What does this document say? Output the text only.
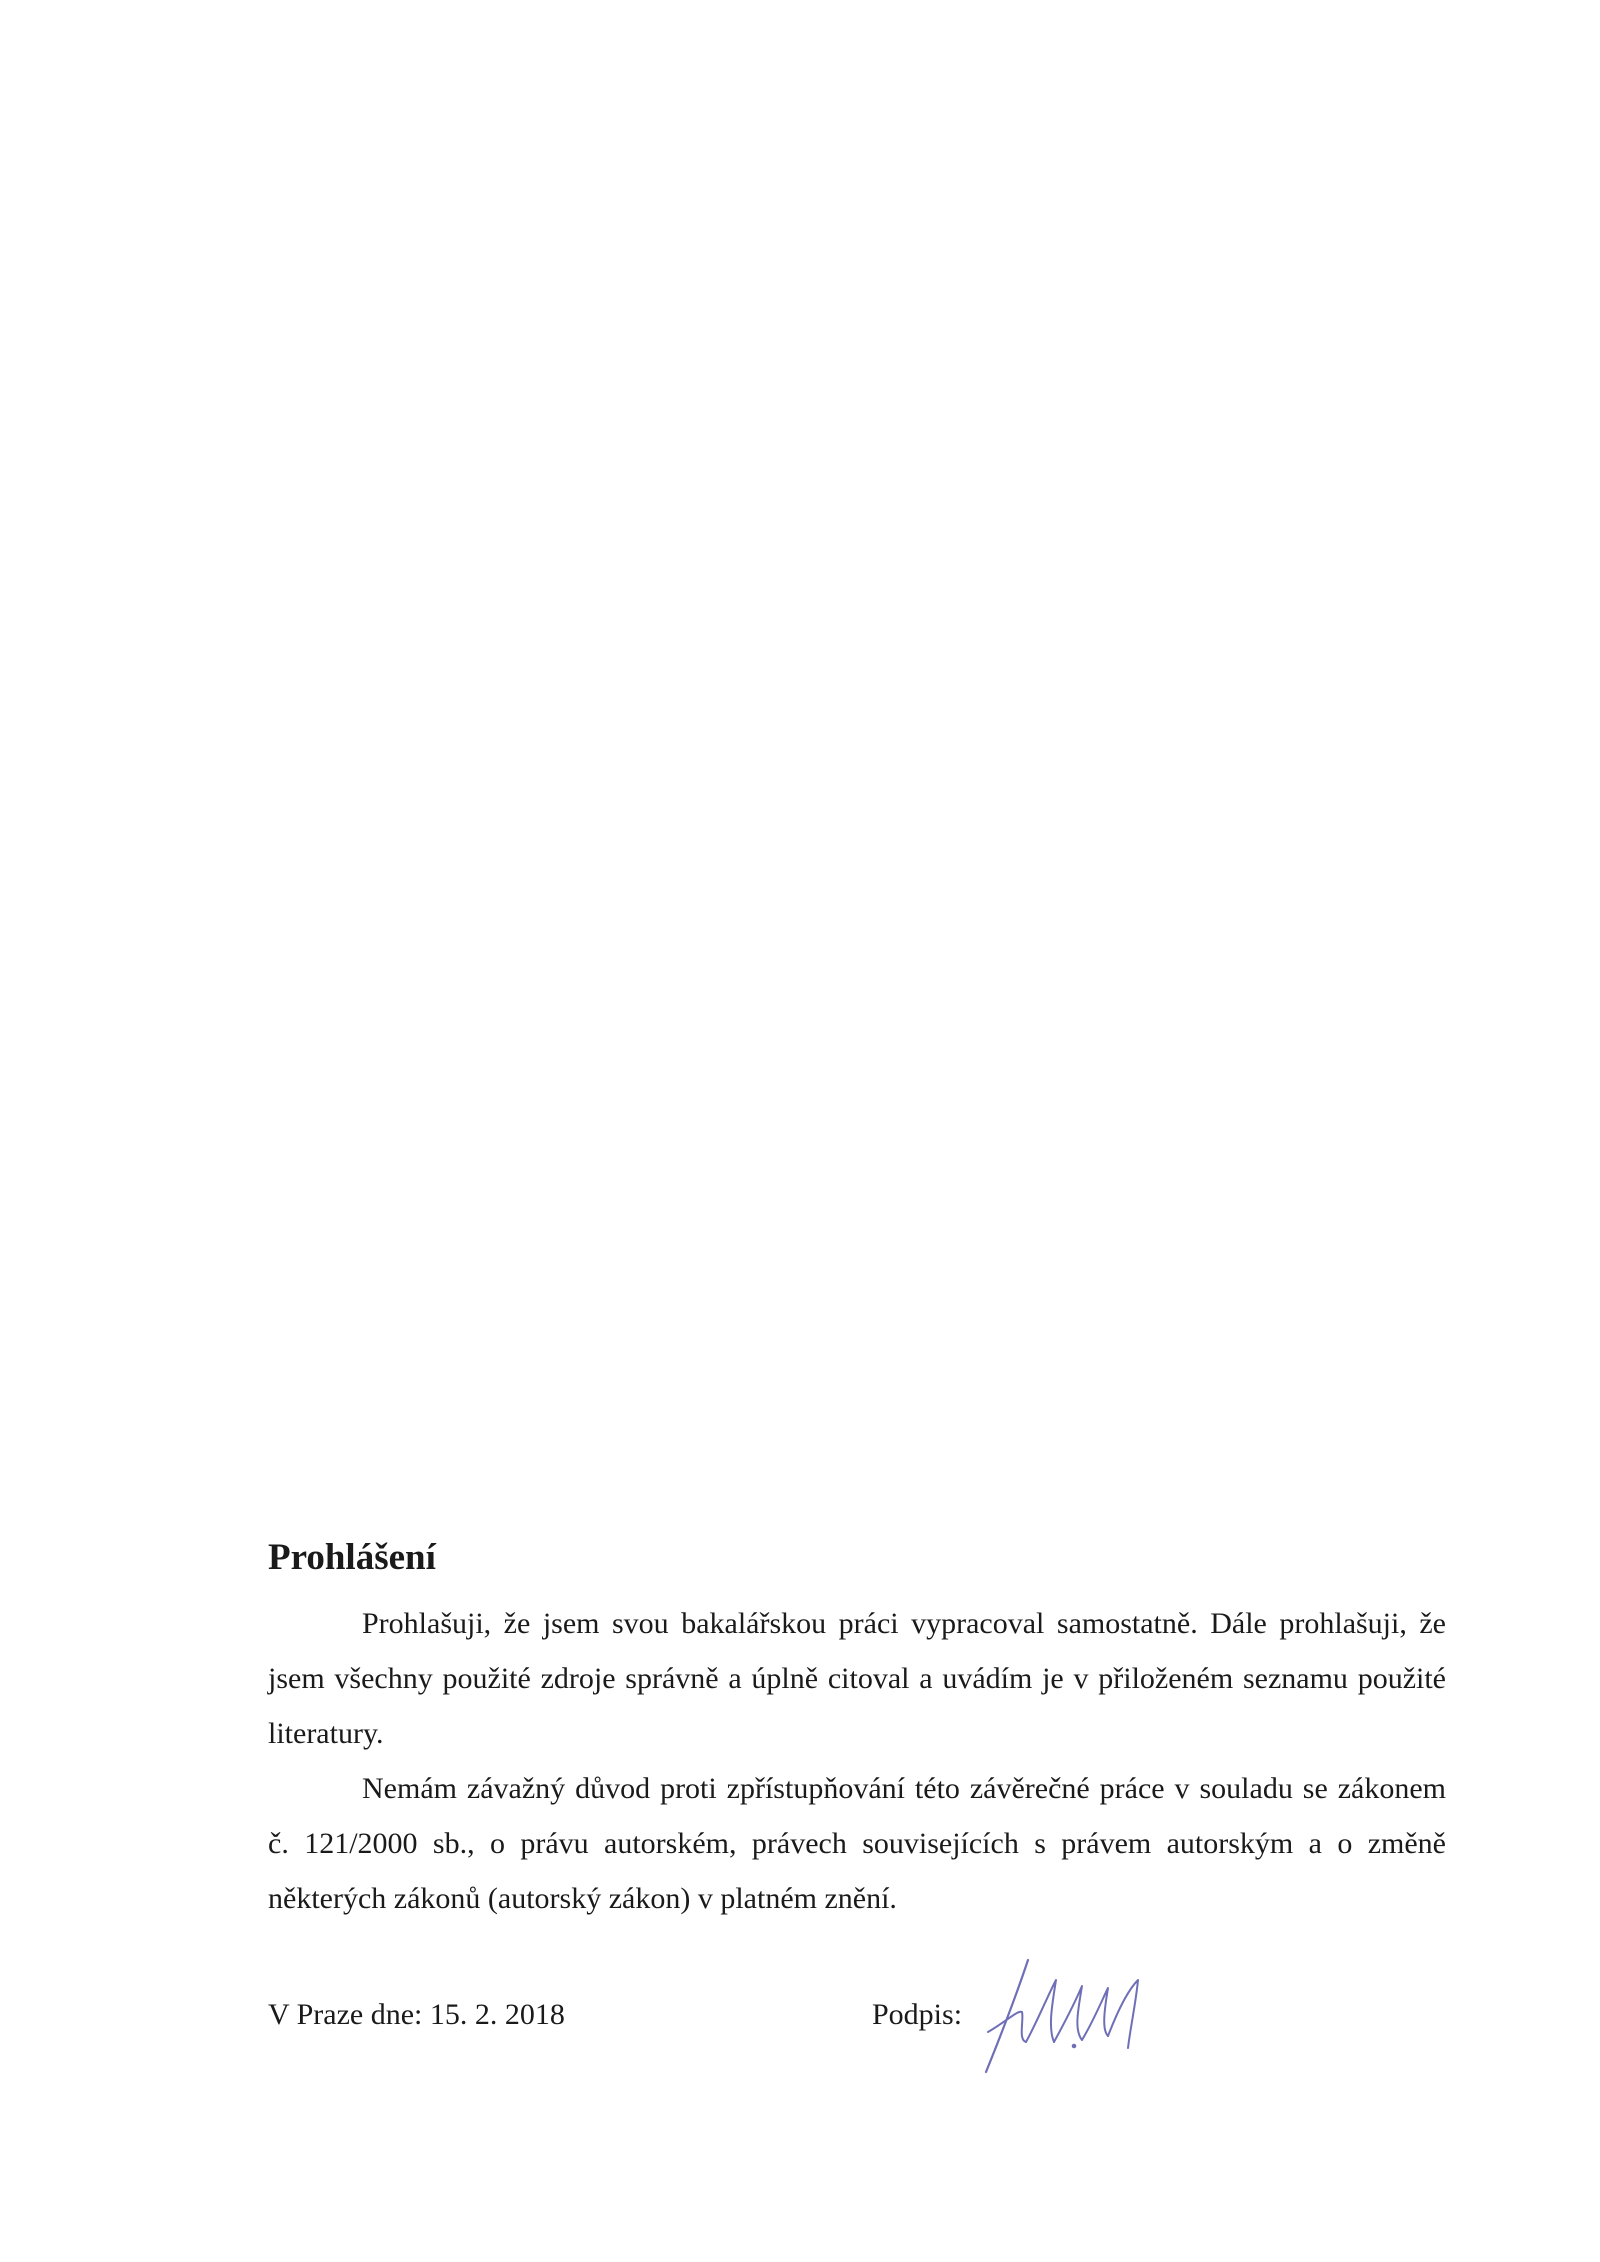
Prohlášení

Prohlašuji, že jsem svou bakalářskou práci vypracoval samostatně. Dále prohlašuji, že jsem všechny použité zdroje správně a úplně citoval a uvádím je v přiloženém seznamu použité literatury.

Nemám závažný důvod proti zpřístupňování této závěrečné práce v souladu se zákonem č. 121/2000 sb., o právu autorském, právech souvisejících s právem autorským a o změně některých zákonů (autorský zákon) v platném znění.

V Praze dne: 15. 2. 2018	Podpis:
